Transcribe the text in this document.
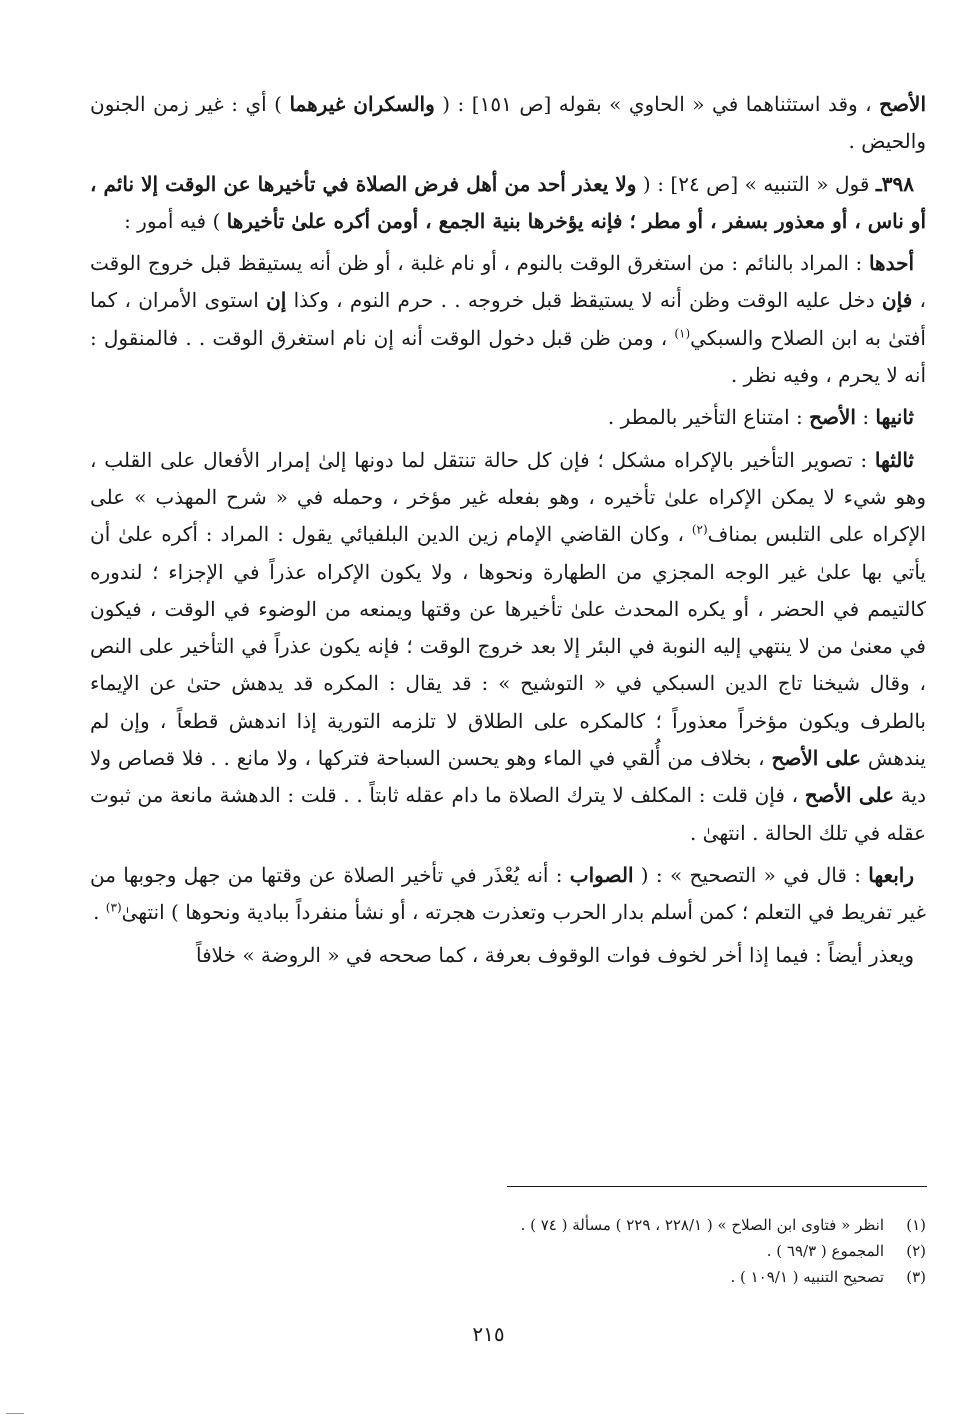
الأصح ، وقد استثناهما في « الحاوي » بقوله [ص ١٥١] : ( والسكران غيرهما ) أي : غير زمن الجنون والحيض .

٣٩٨ـ قول « التنبيه » [ص ٢٤] : ( ولا يعذر أحد من أهل فرض الصلاة في تأخيرها عن الوقت إلا نائم ، أو ناس ، أو معذور بسفر ، أو مطر ؛ فإنه يؤخرها بنية الجمع ، أومن أكره علىٰ تأخيرها ) فيه أمور :

أحدها : المراد بالنائم : من استغرق الوقت بالنوم ، أو نام غلبة ، أو ظن أنه يستيقظ قبل خروج الوقت ، فإن دخل عليه الوقت وظن أنه لا يستيقظ قبل خروجه . . حرم النوم ، وكذا إن استوى الأمران ، كما أفتىٰ به ابن الصلاح والسبكي$^{(١)}$ ، ومن ظن قبل دخول الوقت أنه إن نام استغرق الوقت . . فالمنقول : أنه لا يحرم ، وفيه نظر .

ثانيها : الأصح : امتناع التأخير بالمطر .

ثالثها : تصوير التأخير بالإكراه مشكل ؛ فإن كل حالة تنتقل لما دونها إلىٰ إمرار الأفعال على القلب ، وهو شيء لا يمكن الإكراه علىٰ تأخيره ، وهو بفعله غير مؤخر ، وحمله في « شرح المهذب » على الإكراه على التلبس بمناف$^{(٢)}$ ، وكان القاضي الإمام زين الدين البلفيائي يقول : المراد : أكره علىٰ أن يأتي بها علىٰ غير الوجه المجزي من الطهارة ونحوها ، ولا يكون الإكراه عذراً في الإجزاء ؛ لندوره كالتيمم في الحضر ، أو يكره المحدث علىٰ تأخيرها عن وقتها ويمنعه من الوضوء في الوقت ، فيكون في معنىٰ من لا ينتهي إليه النوبة في البئر إلا بعد خروج الوقت ؛ فإنه يكون عذراً في التأخير على النص ، وقال شيخنا تاج الدين السبكي في « التوشيح » : قد يقال : المكره قد يدهش حتىٰ عن الإيماء بالطرف ويكون مؤخراً معذوراً ؛ كالمكره على الطلاق لا تلزمه التورية إذا اندهش قطعاً ، وإن لم يندهش على الأصح ، بخلاف من أُلقي في الماء وهو يحسن السباحة فتركها ، ولا مانع . . فلا قصاص ولا دية على الأصح ، فإن قلت : المكلف لا يترك الصلاة ما دام عقله ثابتاً . . قلت : الدهشة مانعة من ثبوت عقله في تلك الحالة . انتهىٰ .

رابعها : قال في « التصحيح » : ( الصواب : أنه يُعْذَر في تأخير الصلاة عن وقتها من جهل وجوبها من غير تفريط في التعلم ؛ كمن أسلم بدار الحرب وتعذرت هجرته ، أو نشأ منفرداً ببادية ونحوها ) انتهىٰ$^{(٣)}$ .

ويعذر أيضاً : فيما إذا أخر لخوف فوات الوقوف بعرفة ، كما صححه في « الروضة » خلافاً

(١)انظر « فتاوى ابن الصلاح » ( ٢٢٨/١ ، ٢٢٩ ) مسألة ( ٧٤ ) .
(٢)المجموع ( ٦٩/٣ ) .
(٣)تصحيح التنبيه ( ١٠٩/١ ) .
٢١٥
